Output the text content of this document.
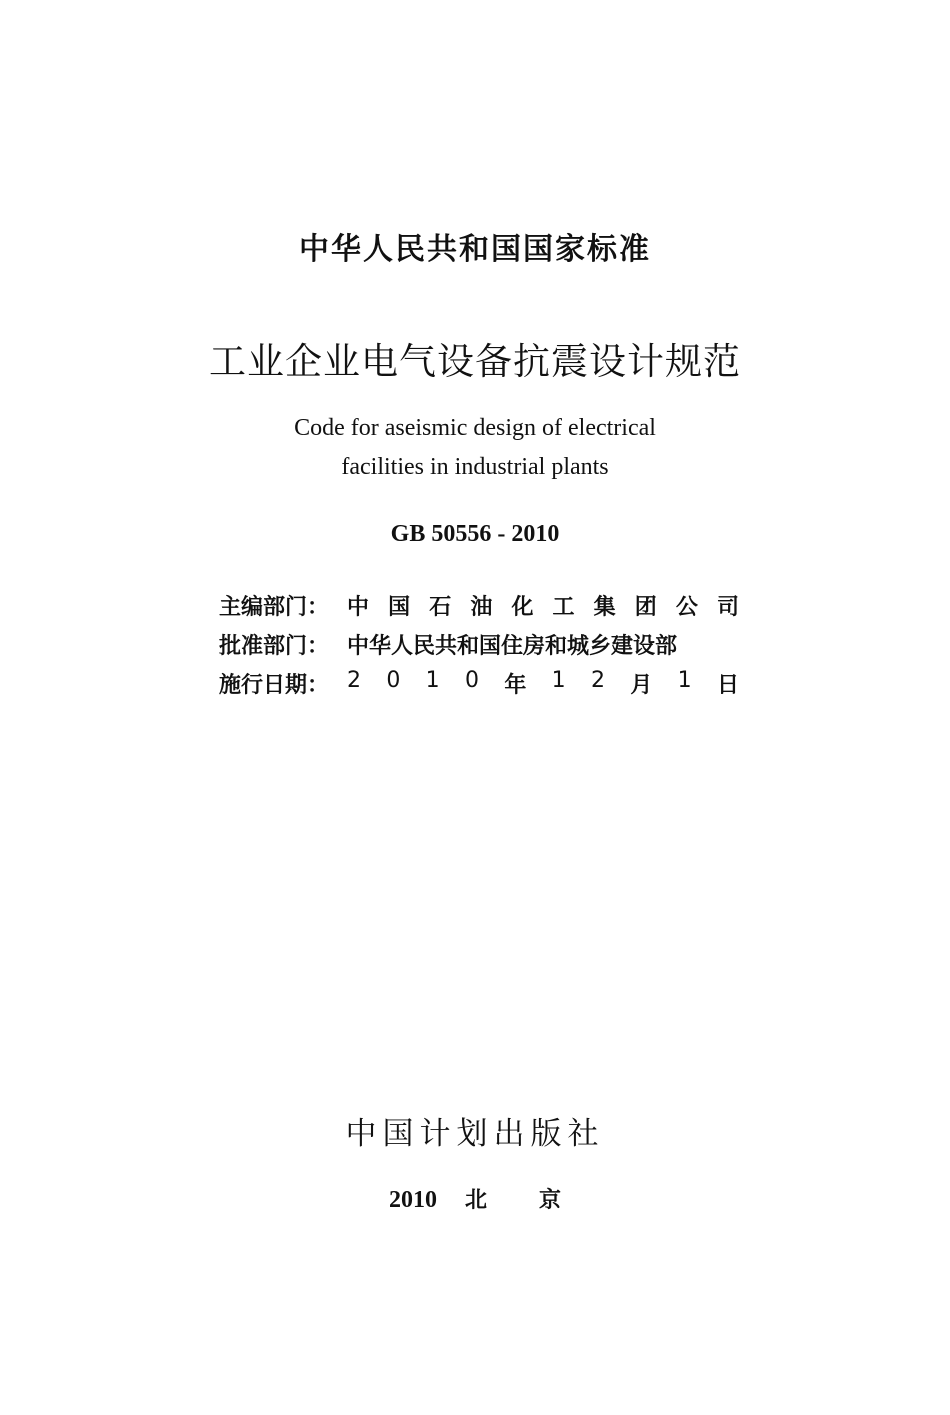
中华人民共和国国家标准
工业企业电气设备抗震设计规范
Code for aseismic design of electrical
facilities in industrial plants
GB 50556 - 2010
主编部门： 中 国 石 油 化 工 集 团 公 司
批准部门： 中华人民共和国住房和城乡建设部
施行日期： 2 0 1 0 年 1 2 月 1 日
中国计划出版社
2010 北 京
